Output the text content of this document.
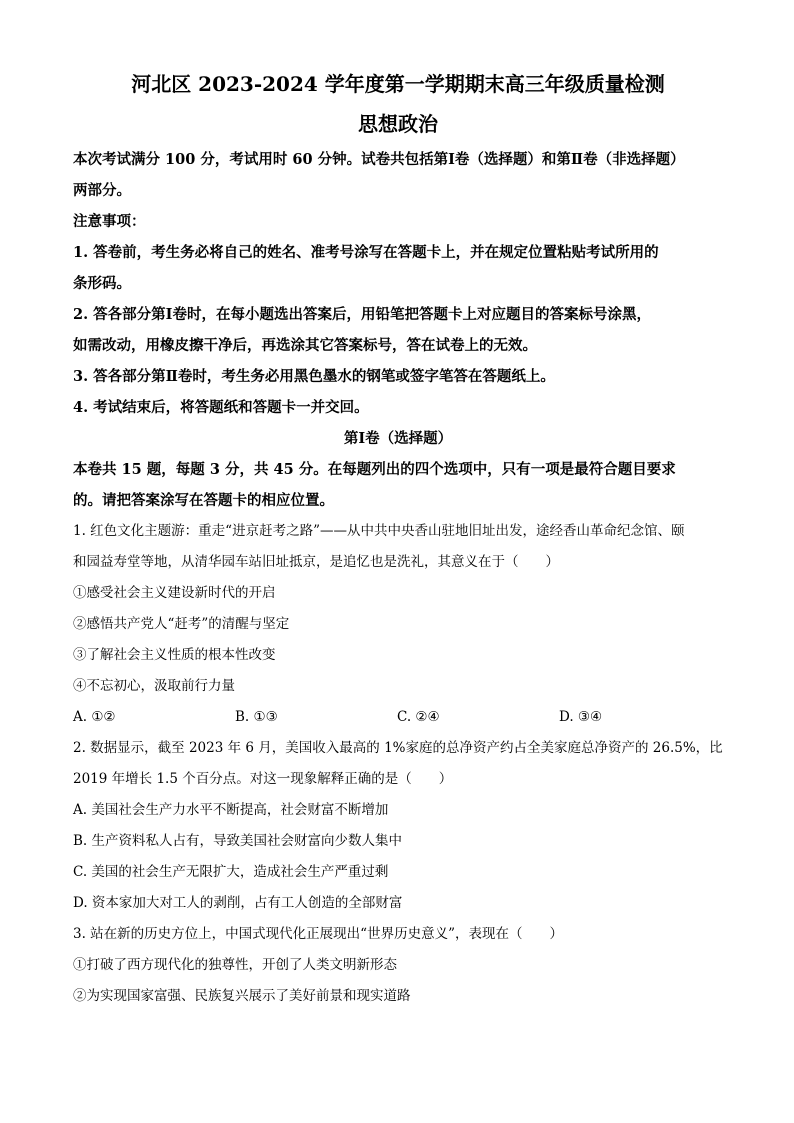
河北区 2023-2024 学年度第一学期期末高三年级质量检测

思想政治

本次考试满分 100 分，考试用时 60 分钟。试卷共包括第Ⅰ卷（选择题）和第Ⅱ卷（非选择题）

两部分。

注意事项：

1. 答卷前，考生务必将自己的姓名、准考号涂写在答题卡上，并在规定位置粘贴考试所用的

条形码。

2. 答各部分第Ⅰ卷时，在每小题选出答案后，用铅笔把答题卡上对应题目的答案标号涂黑，

如需改动，用橡皮擦干净后，再选涂其它答案标号，答在试卷上的无效。

3. 答各部分第Ⅱ卷时，考生务必用黑色墨水的钢笔或签字笔答在答题纸上。

4. 考试结束后，将答题纸和答题卡一并交回。

第Ⅰ卷（选择题）

本卷共 15 题，每题 3 分，共 45 分。在每题列出的四个选项中，只有一项是最符合题目要求

的。请把答案涂写在答题卡的相应位置。

1. 红色文化主题游：重走“进京赶考之路”——从中共中央香山驻地旧址出发，途经香山革命纪念馆、颐

和园益寿堂等地，从清华园车站旧址抵京，是追忆也是洗礼，其意义在于（　　）

①感受社会主义建设新时代的开启

②感悟共产党人“赶考”的清醒与坚定

③了解社会主义性质的根本性改变

④不忘初心，汲取前行力量

A. ①②	B. ①③	C. ②④	D. ③④

2. 数据显示，截至 2023 年 6 月，美国收入最高的 1%家庭的总净资产约占全美家庭总净资产的 26.5%，比

2019 年增长 1.5 个百分点。对这一现象解释正确的是（　　）

A. 美国社会生产力水平不断提高，社会财富不断增加

B. 生产资料私人占有，导致美国社会财富向少数人集中

C. 美国的社会生产无限扩大，造成社会生产严重过剩

D. 资本家加大对工人的剥削，占有工人创造的全部财富

3. 站在新的历史方位上，中国式现代化正展现出“世界历史意义”，表现在（　　）

①打破了西方现代化的独尊性，开创了人类文明新形态

②为实现国家富强、民族复兴展示了美好前景和现实道路
